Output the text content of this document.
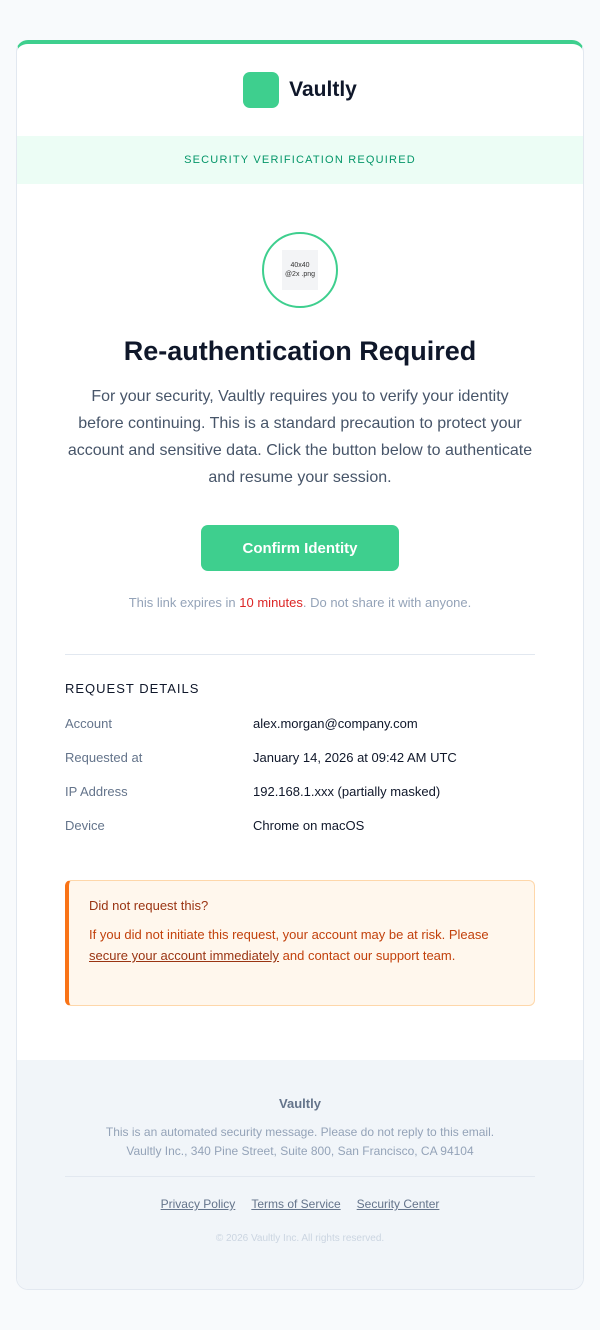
Vaultly
SECURITY VERIFICATION REQUIRED
40x40
@2x .png
Re-authentication Required

For your security, Vaultly requires you to verify your identity before continuing. This is a standard precaution to protect your account and sensitive data. Click the button below to authenticate and resume your session.

Confirm Identity

This link expires in 10 minutes. Do not share it with anyone.

REQUEST DETAILS
Account	alex.morgan@company.com
Requested at	January 14, 2026 at 09:42 AM UTC
IP Address	192.168.1.xxx (partially masked)
Device	Chrome on macOS
Did not request this?
If you did not initiate this request, your account may be at risk. Please secure your account immediately and contact our support team.
Vaultly
This is an automated security message. Please do not reply to this email.
Vaultly Inc., 340 Pine Street, Suite 800, San Francisco, CA 94104
Privacy Policy Terms of Service Security Center
© 2026 Vaultly Inc. All rights reserved.
